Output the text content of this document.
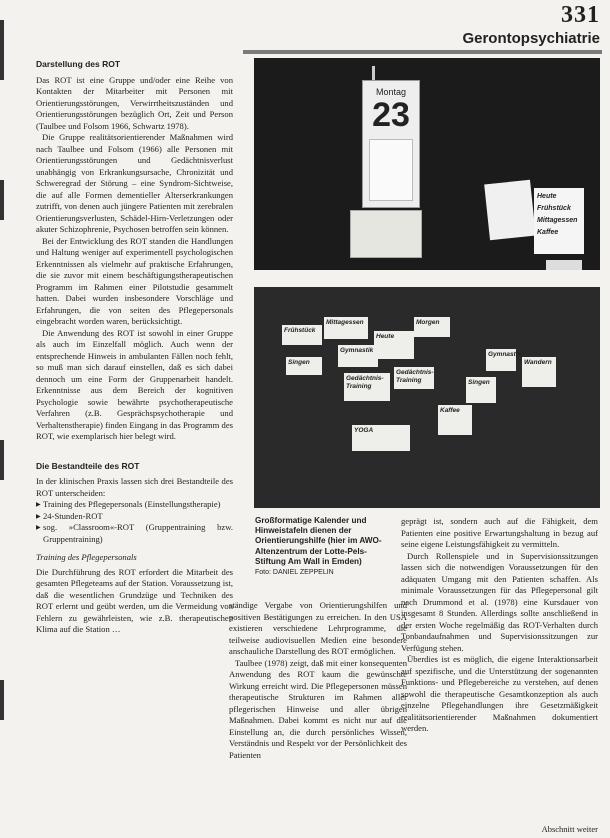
331
Gerontopsychiatrie
Darstellung des ROT

Das ROT ist eine Gruppe und/oder eine Reihe von Kontakten der Mitarbeiter mit Personen mit Orientierungsstörungen, Verwirrtheitszuständen und Orientierungsstörungen bezüglich Ort, Zeit und Person (Taulbee und Folsom 1966, Schwartz 1978).

Die Gruppe realitätsorientierender Maßnahmen wird nach Taulbee und Folsom (1966) alle Personen mit Orientierungsstörungen und Gedächtnisverlust unabhängig von Erkrankungsursache, Chronizität und Schweregrad der Störung – eine Syndrom-Sichtweise, die auf alle Formen dementieller Alterserkrankungen zutrifft, von denen auch jüngere Patienten mit zerebralen Orientierungsverlusten, Schädel-Hirn-Verletzungen oder akuter Schizophrenie, Psychosen betroffen sein können.

Bei der Entwicklung des ROT standen die Handlungen und Haltung weniger auf experimentell psychologischen Erkenntnissen als vielmehr auf praktische Erfahrungen, die sie zuvor mit einem beschäftigungstherapeutischen Programm im Rahmen einer Pilotstudie gesammelt hatten. Dabei wurden insbesondere Vorschläge und Erfahrungen, die von seiten des Pflegepersonals eingebracht worden waren, berücksichtigt.

Die Anwendung des ROT ist sowohl in einer Gruppe als auch im Einzelfall möglich. Auch wenn der entsprechende Hinweis in ambulanten Fällen noch fehlt, so muß man sich darauf einstellen, daß es sich dabei dennoch um eine Form der Gruppenarbeit handelt. Erkenntnisse aus dem Bereich der kognitiven Psychologie sowie bewährte psychotherapeutische Verfahren (z.B. Gesprächspsychotherapie und Verhaltenstherapie) finden Eingang in das Programm des ROT, wie exemplarisch hier belegt wird.

Die Bestandteile des ROT

In der klinischen Praxis lassen sich drei Bestandteile des ROT unterscheiden:

▶ Training des Pflegepersonals (Einstellungstherapie)
▶ 24-Stunden-ROT
▶ sog. »Classroom«-ROT (Gruppentraining bzw. Gruppentraining)
Training des Pflegepersonals

Die Durchführung des ROT erfordert die Mitarbeit des gesamten Pflegeteams auf der Station. Voraussetzung ist, daß die wesentlichen Grundzüge und Techniken des ROT erlernt und geübt werden, um die Vermeidung von Fehlern zu gewährleisten, wie z.B. therapeutischen Klima auf die Station …

Montag
23
Heute
Frühstück
Mittagessen
Kaffee
Frühstück
Mittagessen
Heute
Morgen
Gymnastik
Singen
Gedächtnis-Training
Gedächtnis-Training
YOGA
Kaffee
Singen
Gymnastik
Wandern
Großformatige Kalender und Hinweistafeln dienen der Orientierungshilfe (hier im AWO-Altenzentrum der Lotte-Pels-Stiftung Am Wall in Emden)
Foto: DANIEL ZEPPELIN

ständige Vergabe von Orientierungshilfen und positiven Bestätigungen zu erreichen. In den USA existieren verschiedene Lehrprogramme, die teilweise audiovisuellen Medien eine besondere anschauliche Darstellung des ROT ermöglichen.

Taulbee (1978) zeigt, daß mit einer konsequenten Anwendung des ROT kaum die gewünschte Wirkung erreicht wird. Die Pflegepersonen müssen therapeutische Strukturen im Rahmen aller pflegerischen Hinweise und aller übrigen Maßnahmen. Dabei kommt es nicht nur auf die Einstellung an, die durch persönliches Wissen, Verständnis und Respekt vor der Persönlichkeit des Patienten

geprägt ist, sondern auch auf die Fähigkeit, dem Patienten eine positive Erwartungshaltung in bezug auf seine eigene Leistungsfähigkeit zu vermitteln.

Durch Rollenspiele und in Supervisionssitzungen lassen sich die notwendigen Voraussetzungen für den adäquaten Umgang mit den Patienten schaffen. Als minimale Voraussetzungen für das Pflegepersonal gilt nach Drummond et al. (1978) eine Kursdauer von insgesamt 8 Stunden. Allerdings sollte anschließend in der ersten Woche regelmäßig das ROT-Verhalten durch Tonbandaufnahmen und Supervisionssitzungen zur Verfügung stehen.

Überdies ist es möglich, die eigene Interaktionsarbeit auf spezifische, und die Unterstützung der sogenannten Funktions- und Pflegebereiche zu verstehen, auf denen sowohl die therapeutische Gesamtkonzeption als auch einzelne Pflegehandlungen ihre Gesetzmäßigkeit realitätsorientierender Maßnahmen dokumentiert werden.

Abschnitt weiter
